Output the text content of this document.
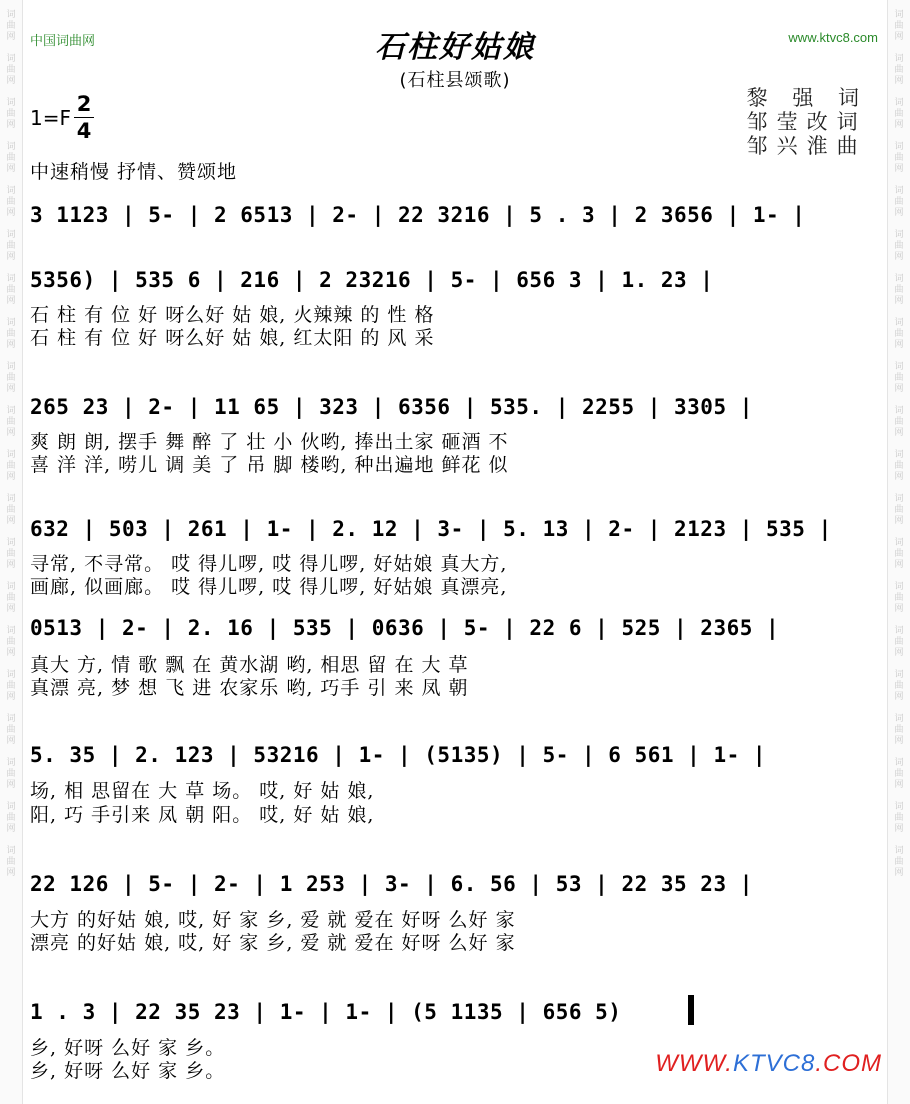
词
曲
网

词
曲
网

词
曲
网

词
曲
网

词
曲
网

词
曲
网

词
曲
网

词
曲
网

词
曲
网

词
曲
网

词
曲
网

词
曲
网

词
曲
网

词
曲
网

词
曲
网

词
曲
网

词
曲
网

词
曲
网

词
曲
网

词
曲
网
词
曲
网

词
曲
网

词
曲
网

词
曲
网

词
曲
网

词
曲
网

词
曲
网

词
曲
网

词
曲
网

词
曲
网

词
曲
网

词
曲
网

词
曲
网

词
曲
网

词
曲
网

词
曲
网

词
曲
网

词
曲
网

词
曲
网

词
曲
网
中国词曲网	www.ktvc8.com
石柱好姑娘
(石柱县颂歌)
1=F
2
4
黎 强 词
邹莹改词
邹兴淮曲
中速稍慢 抒情、赞颂地
3 1123 | 5- | 2 6513 | 2- | 22 3216 | 5 . 3 | 2 3656 | 1- |
5356) | 535 6 | 216 | 2 23216 | 5- | 656 3 | 1. 23 |
石 柱 有 位 好 呀么好 姑 娘, 火辣辣 的 性 格
石 柱 有 位 好 呀么好 姑 娘, 红太阳 的 风 采
265 23 | 2- | 11 65 | 323 | 6356 | 535. | 2255 | 3305 |
爽 朗 朗, 摆手 舞 醉 了 壮 小 伙哟, 捧出土家 砸酒 不
喜 洋 洋, 唠儿 调 美 了 吊 脚 楼哟, 种出遍地 鲜花 似
632 | 503 | 261 | 1- | 2. 12 | 3- | 5. 13 | 2- | 2123 | 535 |
寻常, 不寻常。 哎 得儿啰, 哎 得儿啰, 好姑娘 真大方,
画廊, 似画廊。 哎 得儿啰, 哎 得儿啰, 好姑娘 真漂亮,
0513 | 2- | 2. 16 | 535 | 0636 | 5- | 22 6 | 525 | 2365 |
真大 方, 情 歌 飘 在 黄水湖 哟, 相思 留 在 大 草
真漂 亮, 梦 想 飞 进 农家乐 哟, 巧手 引 来 凤 朝
5. 35 | 2. 123 | 53216 | 1- | (5135) | 5- | 6 561 | 1- |
场, 相 思留在 大 草 场。 哎, 好 姑 娘,
阳, 巧 手引来 凤 朝 阳。 哎, 好 姑 娘,
22 126 | 5- | 2- | 1 253 | 3- | 6. 56 | 53 | 22 35 23 |
大方 的好姑 娘, 哎, 好 家 乡, 爱 就 爱在 好呀 么好 家
漂亮 的好姑 娘, 哎, 好 家 乡, 爱 就 爱在 好呀 么好 家
1 . 3 | 22 35 23 | 1- | 1- | (5 1135 | 656 5)
乡, 好呀 么好 家 乡。
乡, 好呀 么好 家 乡。	WWW.KTVC8.COM
